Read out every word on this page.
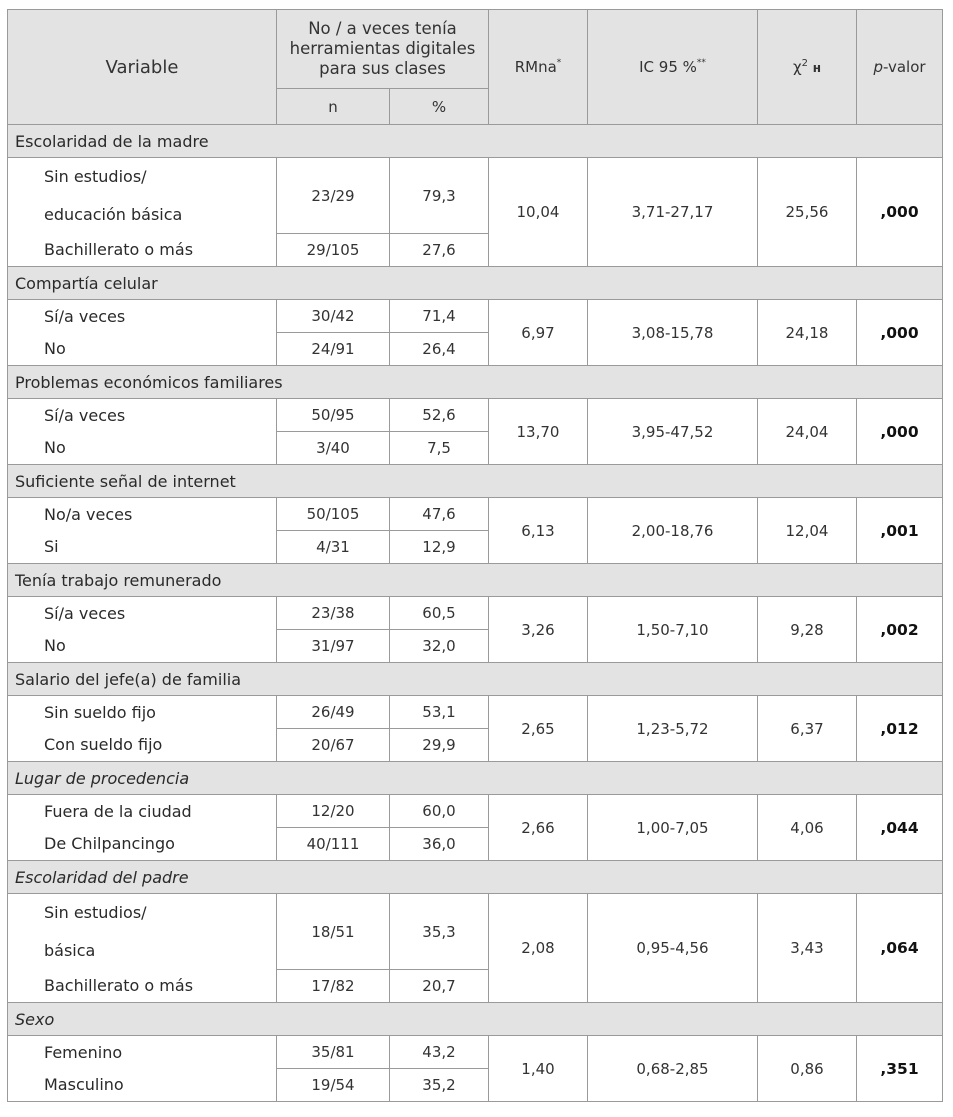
Variable	No / a veces tenía herramientas digitales para sus clases		RMna*	IC 95 %**	$\chi^2$ ʜ	p-valor
	n	%				
Escolaridad de la madre						
Sin estudios/	23/29	79,3	10,04	3,71-27,17	25,56	,000
educación básica						
Bachillerato o más	29/105	27,6				
Compartía celular						
Sí/a veces	30/42	71,4	6,97	3,08-15,78	24,18	,000
No	24/91	26,4				
Problemas económicos familiares						
Sí/a veces	50/95	52,6	13,70	3,95-47,52	24,04	,000
No	3/40	7,5				
Suficiente señal de internet						
No/a veces	50/105	47,6	6,13	2,00-18,76	12,04	,001
Si	4/31	12,9				
Tenía trabajo remunerado						
Sí/a veces	23/38	60,5	3,26	1,50-7,10	9,28	,002
No	31/97	32,0				
Salario del jefe(a) de familia						
Sin sueldo fijo	26/49	53,1	2,65	1,23-5,72	6,37	,012
Con sueldo fijo	20/67	29,9				
Lugar de procedencia						
Fuera de la ciudad	12/20	60,0	2,66	1,00-7,05	4,06	,044
De Chilpancingo	40/111	36,0				
Escolaridad del padre						
Sin estudios/	18/51	35,3	2,08	0,95-4,56	3,43	,064
básica						
Bachillerato o más	17/82	20,7				
Sexo						
Femenino	35/81	43,2	1,40	0,68-2,85	0,86	,351
Masculino	19/54	35,2				
